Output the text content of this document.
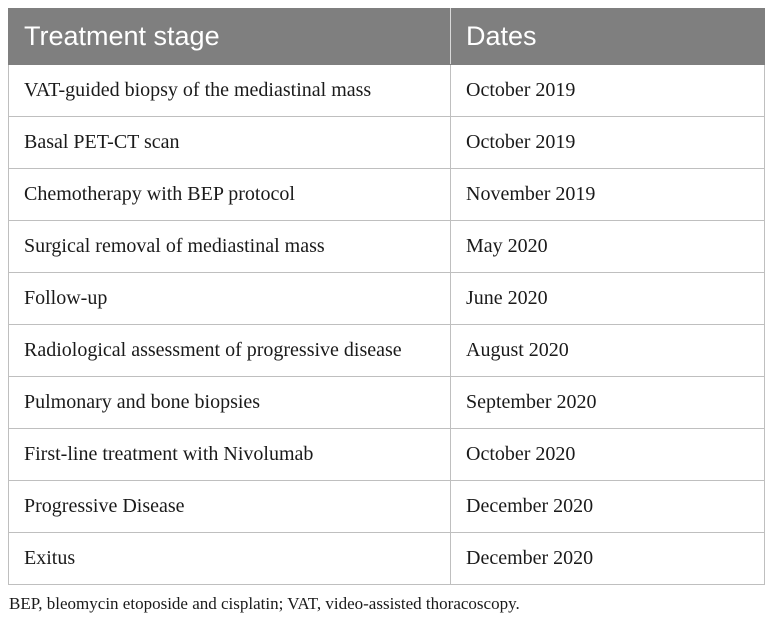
Treatment stage	Dates
VAT-guided biopsy of the mediastinal mass	October 2019
Basal PET-CT scan	October 2019
Chemotherapy with BEP protocol	November 2019
Surgical removal of mediastinal mass	May 2020
Follow-up	June 2020
Radiological assessment of progressive disease	August 2020
Pulmonary and bone biopsies	September 2020
First-line treatment with Nivolumab	October 2020
Progressive Disease	December 2020
Exitus	December 2020
BEP, bleomycin etoposide and cisplatin; VAT, video-assisted thoracoscopy.
